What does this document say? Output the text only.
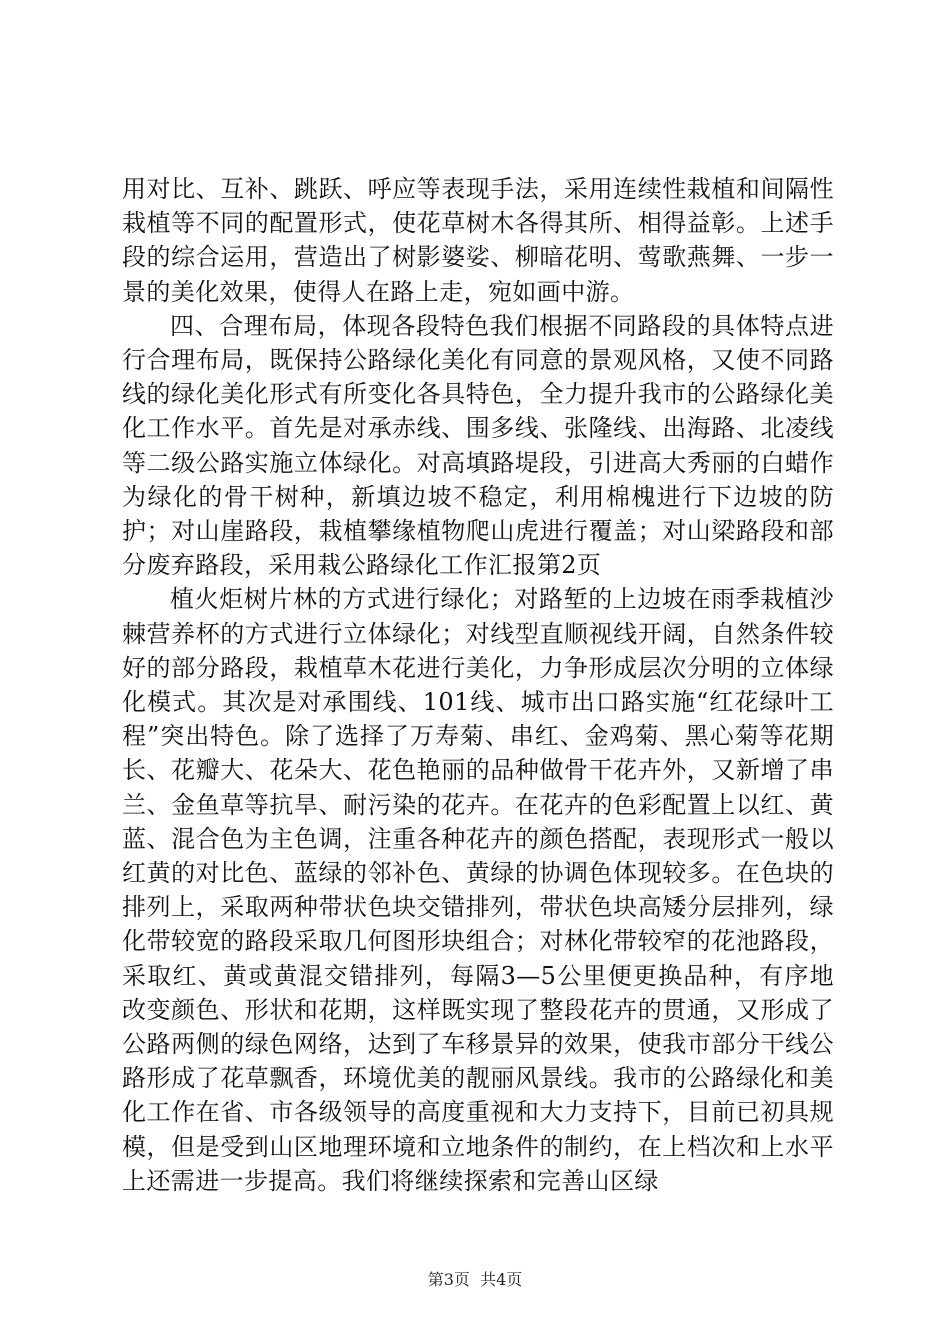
用对比、互补、跳跃、呼应等表现手法，采用连续性栽植和间隔性栽植等不同的配置形式，使花草树木各得其所、相得益彰。上述手段的综合运用，营造出了树影婆娑、柳暗花明、莺歌燕舞、一步一景的美化效果，使得人在路上走，宛如画中游。

四、合理布局，体现各段特色我们根据不同路段的具体特点进行合理布局，既保持公路绿化美化有同意的景观风格，又使不同路线的绿化美化形式有所变化各具特色，全力提升我市的公路绿化美化工作水平。首先是对承赤线、围多线、张隆线、出海路、北凌线等二级公路实施立体绿化。对高填路堤段，引进高大秀丽的白蜡作为绿化的骨干树种，新填边坡不稳定，利用棉槐进行下边坡的防护；对山崖路段，栽植攀缘植物爬山虎进行覆盖；对山梁路段和部分废弃路段，采用栽公路绿化工作汇报第2页

植火炬树片林的方式进行绿化；对路堑的上边坡在雨季栽植沙棘营养杯的方式进行立体绿化；对线型直顺视线开阔，自然条件较好的部分路段，栽植草木花进行美化，力争形成层次分明的立体绿化模式。其次是对承围线、101线、城市出口路实施“红花绿叶工程”突出特色。除了选择了万寿菊、串红、金鸡菊、黑心菊等花期长、花瓣大、花朵大、花色艳丽的品种做骨干花卉外，又新增了串兰、金鱼草等抗旱、耐污染的花卉。在花卉的色彩配置上以红、黄蓝、混合色为主色调，注重各种花卉的颜色搭配，表现形式一般以红黄的对比色、蓝绿的邻补色、黄绿的协调色体现较多。在色块的排列上，采取两种带状色块交错排列，带状色块高矮分层排列，绿化带较宽的路段采取几何图形块组合；对林化带较窄的花池路段，采取红、黄或黄混交错排列，每隔3—5公里便更换品种，有序地改变颜色、形状和花期，这样既实现了整段花卉的贯通，又形成了公路两侧的绿色网络，达到了车移景异的效果，使我市部分干线公路形成了花草飘香，环境优美的靓丽风景线。我市的公路绿化和美化工作在省、市各级领导的高度重视和大力支持下，目前已初具规模，但是受到山区地理环境和立地条件的制约，在上档次和上水平上还需进一步提高。我们将继续探索和完善山区绿

第3页  共4页
